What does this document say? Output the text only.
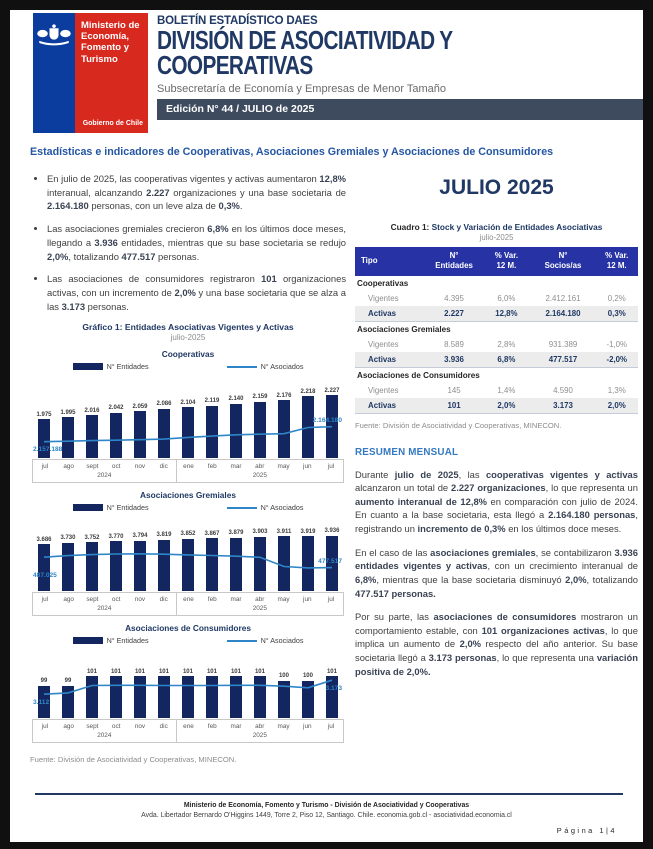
Ministerio de Economía, Fomento y Turismo
Gobierno de Chile
BOLETÍN ESTADÍSTICO DAES
DIVISIÓN DE ASOCIATIVIDAD Y
COOPERATIVAS
Subsecretaría de Economía y Empresas de Menor Tamaño
Edición N° 44 / JULIO de 2025
Estadísticas e indicadores de Cooperativas, Asociaciones Gremiales y Asociaciones de Consumidores
• En julio de 2025, las cooperativas vigentes y activas aumentaron 12,8% interanual, alcanzando 2.227 organizaciones y una base societaria de 2.164.180 personas, con un leve alza de 0,3%.
• Las asociaciones gremiales crecieron 6,8% en los últimos doce meses, llegando a 3.936 entidades, mientras que su base societaria se redujo 2,0%, totalizando 477.517 personas.
• Las asociaciones de consumidores registraron 101 organizaciones activas, con un incremento de 2,0% y una base societaria que se alza a las 3.173 personas.
Gráfico 1: Entidades Asociativas Vigentes y Activas
julio-2025
Cooperativas
N° Entidades	N° Asociados
1.975	1.995	2.016	2.042	2.059	2.086	2.104	2.119	2.140	2.159	2.176
2.218	2.227
2.157.188
2.164.180
jul	ago	sept	oct	nov	dic	ene	feb	mar	abr	may	jun	jul
2024	2025
Asociaciones Gremiales
N° Entidades	N° Asociados
3.686	3.730	3.752	3.770	3.794	3.819	3.852	3.867	3.879	3.903	3.911	3.919	3.936
487.025
477.517
jul	ago	sept	oct	nov	dic	ene	feb	mar	abr	may	jun	jul
2024	2025
Asociaciones de Consumidores
N° Entidades	N° Asociados
99	99
101	101	101	101	101	101	101	101
100	100
101
3.112
3.173
jul	ago	sept	oct	nov	dic	ene	feb	mar	abr	may	jun	jul
2024	2025
Fuente: División de Asociatividad y Cooperativas, MINECON.
JULIO 2025
Cuadro 1: Stock y Variación de Entidades Asociativas
julio-2025
Tipo

N°
Entidades

% Var.
12 M.

N°
Socios/as

% Var.
12 M.

Cooperativas				
Vigentes	4.395	6,0%	2.412.161	0,2%
Activas	2.227	12,8%	2.164.180	0,3%
Asociaciones Gremiales				
Vigentes	8.589	2,8%	931.389	-1,0%
Activas	3.936	6,8%	477.517	-2,0%
Asociaciones de Consumidores				
Vigentes	145	1,4%	4.590	1,3%
Activas	101	2,0%	3.173	2,0%
Fuente: División de Asociatividad y Cooperativas, MINECON.
RESUMEN MENSUAL
Durante julio de 2025, las cooperativas vigentes y activas alcanzaron un total de 2.227 organizaciones, lo que representa un aumento interanual de 12,8% en comparación con julio de 2024. En cuanto a la base societaria, esta llegó a 2.164.180 personas, registrando un incremento de 0,3% en los últimos doce meses.
En el caso de las asociaciones gremiales, se contabilizaron 3.936 entidades vigentes y activas, con un crecimiento interanual de 6,8%, mientras que la base societaria disminuyó 2,0%, totalizando 477.517 personas.
Por su parte, las asociaciones de consumidores mostraron un comportamiento estable, con 101 organizaciones activas, lo que implica un aumento de 2,0% respecto del año anterior. Su base societaria llegó a 3.173 personas, lo que representa una variación positiva de 2,0%.
Ministerio de Economía, Fomento y Turismo - División de Asociatividad y Cooperativas
Avda. Libertador Bernardo O'Higgins 1449, Torre 2, Piso 12, Santiago. Chile. economia.gob.cl - asociatividad.economia.cl
Página 1|4
